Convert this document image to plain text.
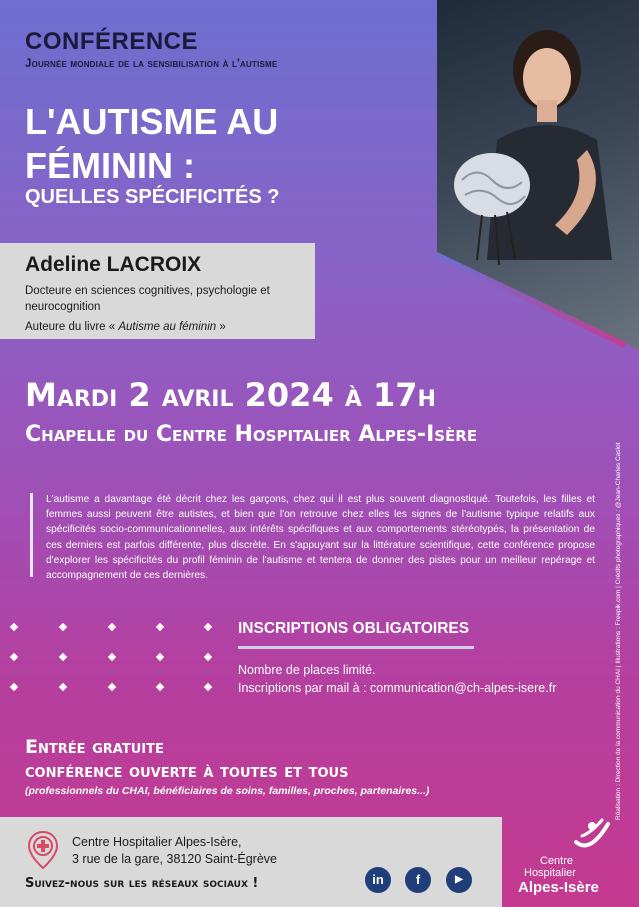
CONFÉRENCE
Journée mondiale de la sensibilisation à l'autisme
L'AUTISME AU
FÉMININ :
QUELLES SPÉCIFICITÉS ?
Adeline LACROIX
Docteure en sciences cognitives, psychologie et neurocognition
Auteure du livre « Autisme au féminin »
Mardi 2 avril 2024 à 17h
Chapelle du Centre Hospitalier Alpes-Isère
L'autisme a davantage été décrit chez les garçons, chez qui il est plus souvent diagnostiqué. Toutefois, les filles et femmes aussi peuvent être autistes, et bien que l'on retrouve chez elles les signes de l'autisme typique relatifs aux spécificités socio-communicationnelles, aux intérêts spécifiques et aux comportements stéréotypés, la présentation de ces derniers est parfois différente, plus discrète. En s'appuyant sur la littérature scientifique, cette conférence propose d'explorer les spécificités du profil féminin de l'autisme et tentera de donner des pistes pour un meilleur repérage et accompagnement de ces dernières.	Réalisation : Direction de la communication du CHAI | Illustrations : Freepik.com | Crédits photographiques : @Jean-Charles Caslot
INSCRIPTIONS OBLIGATOIRES
Nombre de places limité.
Inscriptions par mail à : communication@ch-alpes-isere.fr
Entrée gratuite
conférence ouverte à toutes et tous
(professionnels du CHAI, bénéficiaires de soins, familles, proches, partenaires...)
Centre Hospitalier Alpes-Isère,
3 rue de la gare, 38120 Saint-Égrève
Suivez-nous sur les réseaux sociaux !	in	f	▶
Centre
Hospitalier
Alpes-Isère
